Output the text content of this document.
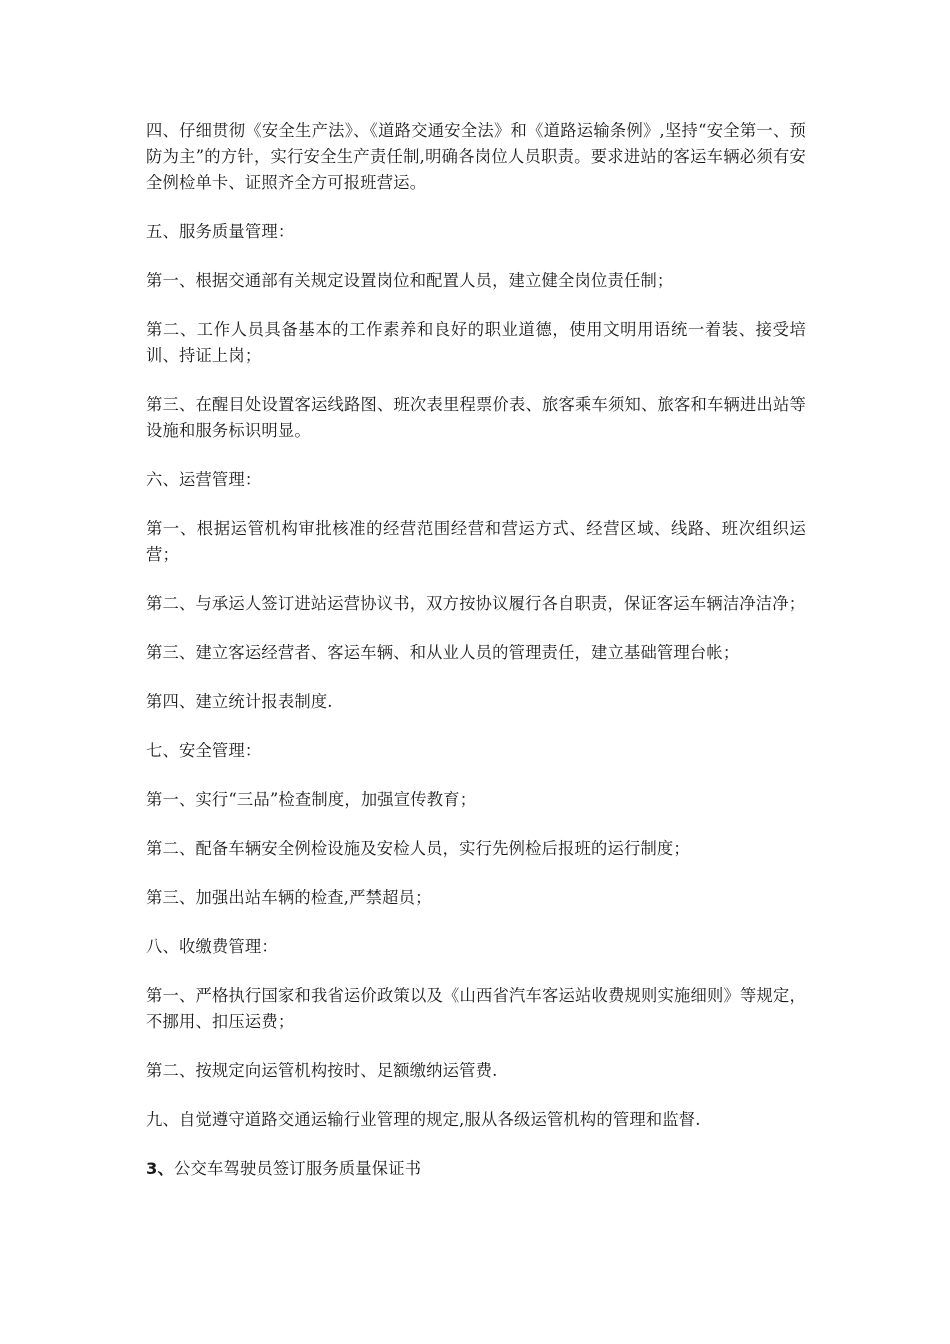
四、仔细贯彻《安全生产法》、《道路交通安全法》和《道路运输条例》,坚持“安全第一、预防为主”的方针，实行安全生产责任制,明确各岗位人员职责。要求进站的客运车辆必须有安全例检单卡、证照齐全方可报班营运。

五、服务质量管理：

第一、根据交通部有关规定设置岗位和配置人员，建立健全岗位责任制；

第二、工作人员具备基本的工作素养和良好的职业道德，使用文明用语统一着装、接受培训、持证上岗；

第三、在醒目处设置客运线路图、班次表里程票价表、旅客乘车须知、旅客和车辆进出站等设施和服务标识明显。

六、运营管理：

第一、根据运管机构审批核准的经营范围经营和营运方式、经营区域、线路、班次组织运营；

第二、与承运人签订进站运营协议书，双方按协议履行各自职责，保证客运车辆洁净洁净；

第三、建立客运经营者、客运车辆、和从业人员的管理责任，建立基础管理台帐；

第四、建立统计报表制度.

七、安全管理：

第一、实行“三品”检查制度，加强宣传教育；

第二、配备车辆安全例检设施及安检人员，实行先例检后报班的运行制度；

第三、加强出站车辆的检查,严禁超员；

八、收缴费管理：

第一、严格执行国家和我省运价政策以及《山西省汽车客运站收费规则实施细则》等规定，不挪用、扣压运费；

第二、按规定向运管机构按时、足额缴纳运管费.

九、自觉遵守道路交通运输行业管理的规定,服从各级运管机构的管理和监督.

3、公交车驾驶员签订服务质量保证书
